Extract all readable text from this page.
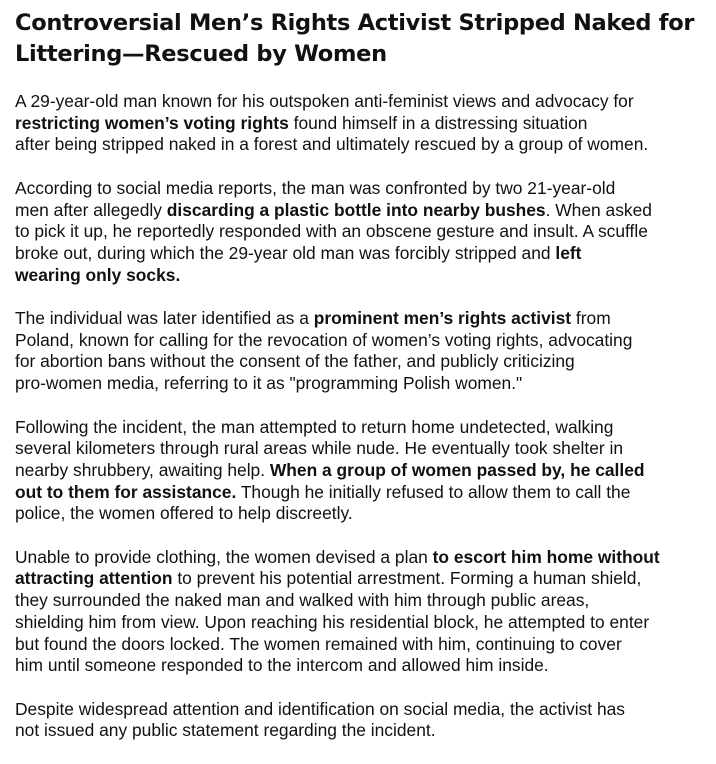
Controversial Men’s Rights Activist Stripped Naked for Littering—Rescued by Women

A 29-year-old man known for his outspoken anti-feminist views and advocacy for
restricting women’s voting rights found himself in a distressing situation
after being stripped naked in a forest and ultimately rescued by a group of women.

According to social media reports, the man was confronted by two 21-year-old
men after allegedly discarding a plastic bottle into nearby bushes. When asked
to pick it up, he reportedly responded with an obscene gesture and insult. A scuffle
broke out, during which the 29-year old man was forcibly stripped and left
wearing only socks.

The individual was later identified as a prominent men’s rights activist from
Poland, known for calling for the revocation of women’s voting rights, advocating
for abortion bans without the consent of the father, and publicly criticizing
pro-women media, referring to it as "programming Polish women."

Following the incident, the man attempted to return home undetected, walking
several kilometers through rural areas while nude. He eventually took shelter in
nearby shrubbery, awaiting help. When a group of women passed by, he called
out to them for assistance. Though he initially refused to allow them to call the
police, the women offered to help discreetly.

Unable to provide clothing, the women devised a plan to escort him home without
attracting attention to prevent his potential arrestment. Forming a human shield,
they surrounded the naked man and walked with him through public areas,
shielding him from view. Upon reaching his residential block, he attempted to enter
but found the doors locked. The women remained with him, continuing to cover
him until someone responded to the intercom and allowed him inside.

Despite widespread attention and identification on social media, the activist has
not issued any public statement regarding the incident.
